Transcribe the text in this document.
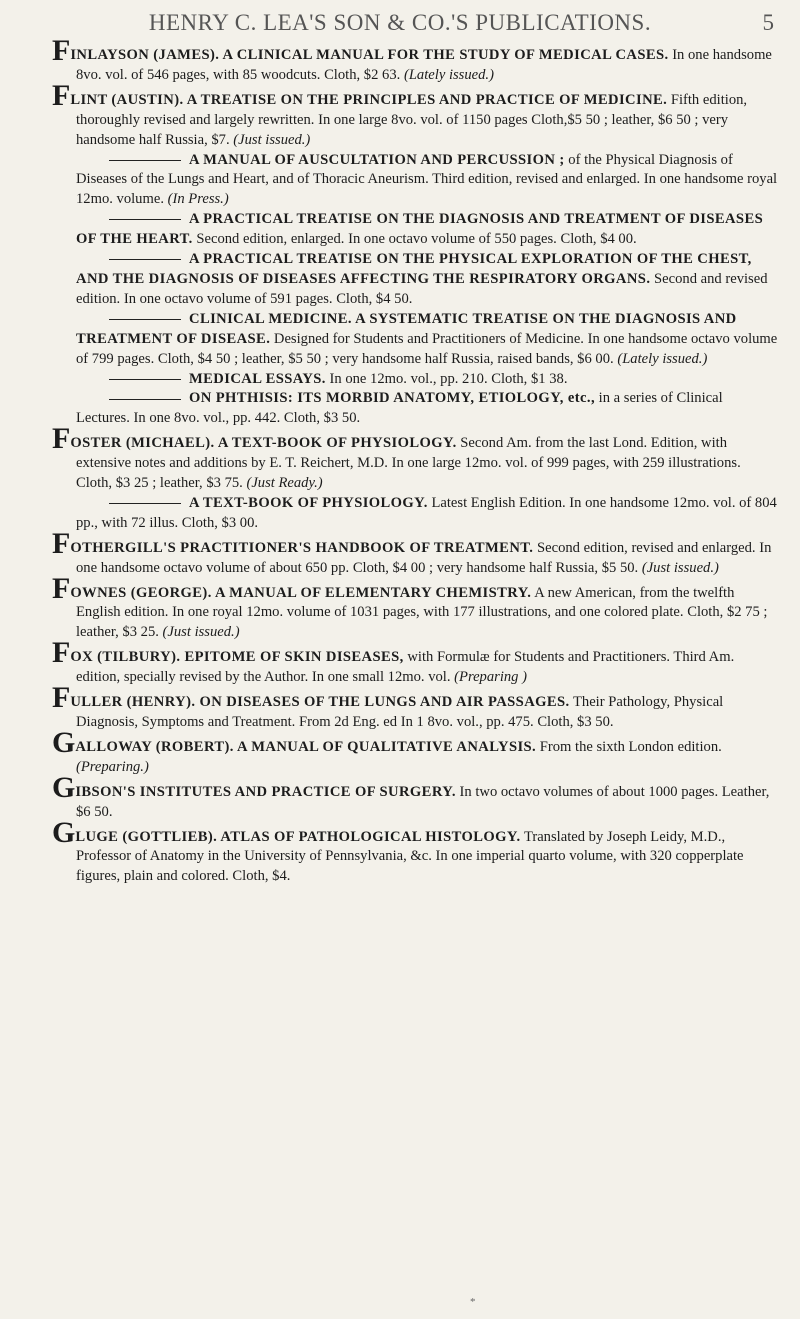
HENRY C. LEA'S SON & CO.'S PUBLICATIONS.	5
FINLAYSON (JAMES). A CLINICAL MANUAL FOR THE STUDY OF MEDICAL CASES. In one handsome 8vo. vol. of 546 pages, with 85 woodcuts. Cloth, $2 63. (Lately issued.)
FLINT (AUSTIN). A TREATISE ON THE PRINCIPLES AND PRACTICE OF MEDICINE. Fifth edition, thoroughly revised and largely rewritten. In one large 8vo. vol. of 1150 pages Cloth,$5 50 ; leather, $6 50 ; very handsome half Russia, $7. (Just issued.)
A MANUAL OF AUSCULTATION AND PERCUSSION ; of the Physical Diagnosis of Diseases of the Lungs and Heart, and of Thoracic Aneurism. Third edition, revised and enlarged. In one handsome royal 12mo. volume. (In Press.)
A PRACTICAL TREATISE ON THE DIAGNOSIS AND TREATMENT OF DISEASES OF THE HEART. Second edition, enlarged. In one octavo volume of 550 pages. Cloth, $4 00.
A PRACTICAL TREATISE ON THE PHYSICAL EXPLORATION OF THE CHEST, AND THE DIAGNOSIS OF DISEASES AFFECTING THE RESPIRATORY ORGANS. Second and revised edition. In one octavo volume of 591 pages. Cloth, $4 50.
CLINICAL MEDICINE. A SYSTEMATIC TREATISE ON THE DIAGNOSIS AND TREATMENT OF DISEASE. Designed for Students and Practitioners of Medicine. In one handsome octavo volume of 799 pages. Cloth, $4 50 ; leather, $5 50 ; very handsome half Russia, raised bands, $6 00. (Lately issued.)
MEDICAL ESSAYS. In one 12mo. vol., pp. 210. Cloth, $1 38.
ON PHTHISIS: ITS MORBID ANATOMY, ETIOLOGY, etc., in a series of Clinical Lectures. In one 8vo. vol., pp. 442. Cloth, $3 50.
FOSTER (MICHAEL). A TEXT-BOOK OF PHYSIOLOGY. Second Am. from the last Lond. Edition, with extensive notes and additions by E. T. Reichert, M.D. In one large 12mo. vol. of 999 pages, with 259 illustrations. Cloth, $3 25 ; leather, $3 75. (Just Ready.)
A TEXT-BOOK OF PHYSIOLOGY. Latest English Edition. In one handsome 12mo. vol. of 804 pp., with 72 illus. Cloth, $3 00.
FOTHERGILL'S PRACTITIONER'S HANDBOOK OF TREATMENT. Second edition, revised and enlarged. In one handsome octavo volume of about 650 pp. Cloth, $4 00 ; very handsome half Russia, $5 50. (Just issued.)
FOWNES (GEORGE). A MANUAL OF ELEMENTARY CHEMISTRY. A new American, from the twelfth English edition. In one royal 12mo. volume of 1031 pages, with 177 illustrations, and one colored plate. Cloth, $2 75 ; leather, $3 25. (Just issued.)
FOX (TILBURY). EPITOME OF SKIN DISEASES, with Formulæ for Students and Practitioners. Third Am. edition, specially revised by the Author. In one small 12mo. vol. (Preparing )
FULLER (HENRY). ON DISEASES OF THE LUNGS AND AIR PASSAGES. Their Pathology, Physical Diagnosis, Symptoms and Treatment. From 2d Eng. ed In 1 8vo. vol., pp. 475. Cloth, $3 50.
GALLOWAY (ROBERT). A MANUAL OF QUALITATIVE ANALYSIS. From the sixth London edition. (Preparing.)
GIBSON'S INSTITUTES AND PRACTICE OF SURGERY. In two octavo volumes of about 1000 pages. Leather, $6 50.
GLUGE (GOTTLIEB). ATLAS OF PATHOLOGICAL HISTOLOGY. Translated by Joseph Leidy, M.D., Professor of Anatomy in the University of Pennsylvania, &c. In one imperial quarto volume, with 320 copperplate figures, plain and colored. Cloth, $4.
*
